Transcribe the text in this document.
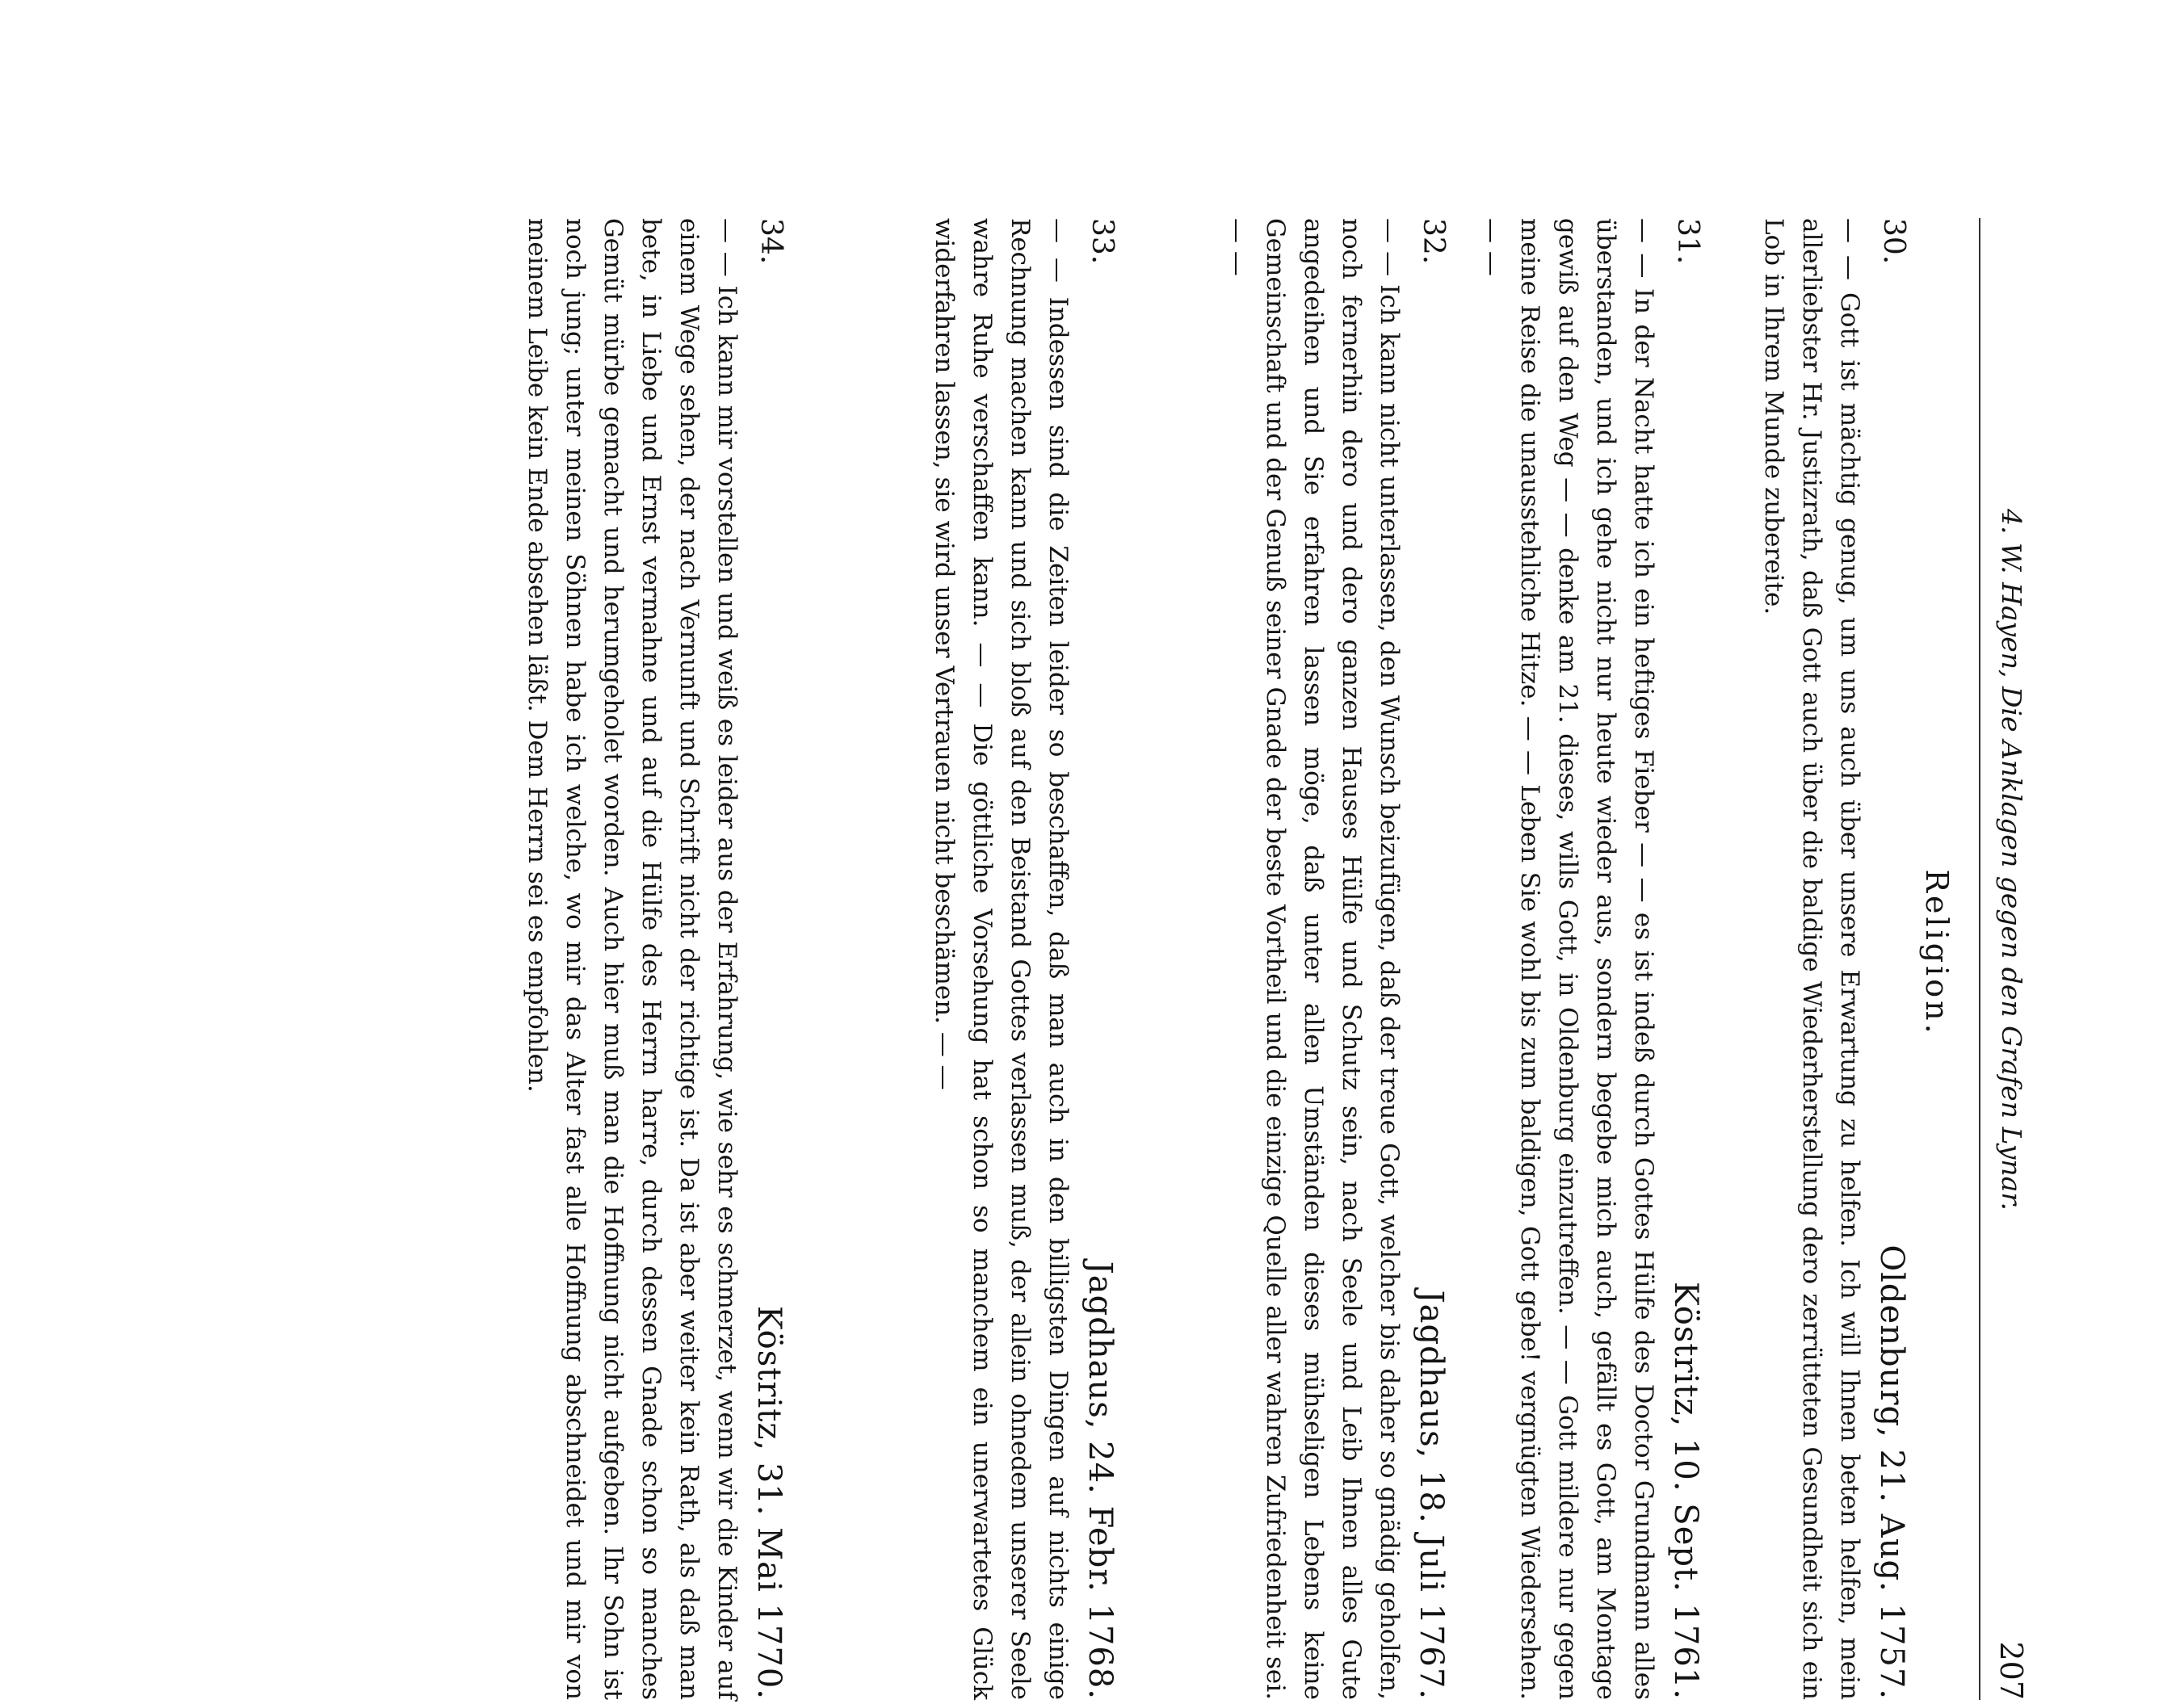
4. W. Hayen, Die Anklagen gegen den Grafen Lynar.
207
Religion.
30.
Oldenburg, 21. Aug. 1757.
— — Gott ist mächtig genug, um uns auch über unsere Erwartung zu helfen. Ich will Ihnen beten helfen, mein allerliebster Hr. Justizrath, daß Gott auch über die baldige Wiederherstellung dero zerrütteten Gesundheit sich ein Lob in Ihrem Munde zubereite.
31.
Köstritz, 10. Sept. 1761.
— — In der Nacht hatte ich ein heftiges Fieber — — es ist indeß durch Gottes Hülfe des Doctor Grundmann alles überstanden, und ich gehe nicht nur heute wieder aus, sondern begebe mich auch, gefällt es Gott, am Montage gewiß auf den Weg — — denke am 21. dieses, wills Gott, in Oldenburg einzutreffen. — — Gott mildere nur gegen meine Reise die unausstehliche Hitze. — — Leben Sie wohl bis zum baldigen, Gott gebe! vergnügten Wiedersehen. — —
32.
Jagdhaus, 18. Juli 1767.
— — Ich kann nicht unterlassen, den Wunsch beizufügen, daß der treue Gott, welcher bis daher so gnädig geholfen, noch fernerhin dero und dero ganzen Hauses Hülfe und Schutz sein, nach Seele und Leib Ihnen alles Gute angedeihen und Sie erfahren lassen möge, daß unter allen Umständen dieses mühseligen Lebens keine Gemeinschaft und der Genuß seiner Gnade der beste Vortheil und die einzige Quelle aller wahren Zufriedenheit sei. — —
33.
Jagdhaus, 24. Febr. 1768.
— — Indessen sind die Zeiten leider so beschaffen, daß man auch in den billigsten Dingen auf nichts einige Rechnung machen kann und sich bloß auf den Beistand Gottes verlassen muß, der allein ohnedem unserer Seele wahre Ruhe verschaffen kann. — — Die göttliche Vorsehung hat schon so manchem ein unerwartetes Glück widerfahren lassen, sie wird unser Vertrauen nicht beschämen. — —
34.
Köstritz, 31. Mai 1770.
— — Ich kann mir vorstellen und weiß es leider aus der Erfahrung, wie sehr es schmerzet, wenn wir die Kinder auf einem Wege sehen, der nach Vernunft und Schrift nicht der richtige ist. Da ist aber weiter kein Rath, als daß man bete, in Liebe und Ernst vermahne und auf die Hülfe des Herrn harre, durch dessen Gnade schon so manches Gemüt mürbe gemacht und herumgeholet worden. Auch hier muß man die Hoffnung nicht aufgeben. Ihr Sohn ist noch jung; unter meinen Söhnen habe ich welche, wo mir das Alter fast alle Hoffnung abschneidet und mir von meinem Leibe kein Ende absehen läßt. Dem Herrn sei es empfohlen.
